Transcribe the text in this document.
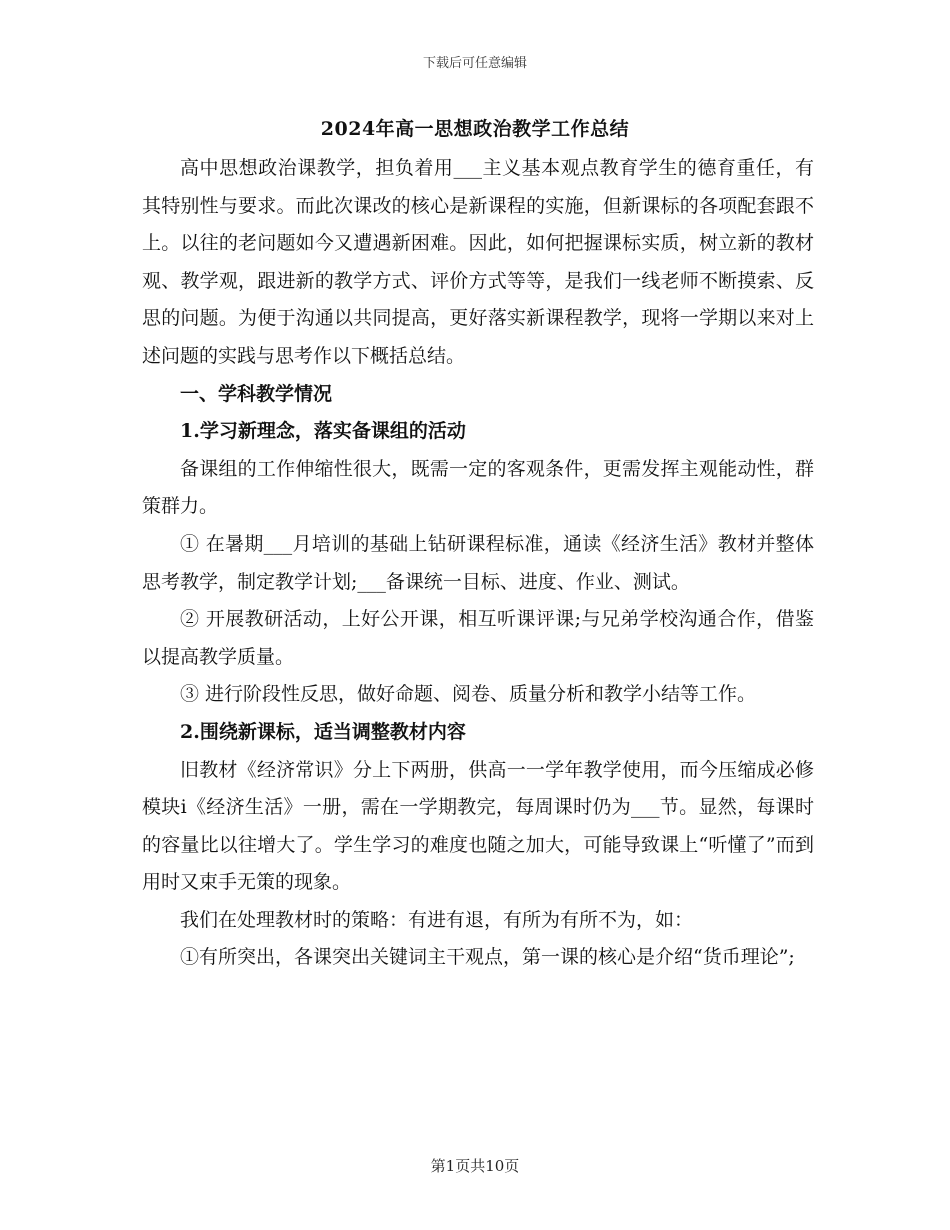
下载后可任意编辑
2024年高一思想政治教学工作总结

高中思想政治课教学，担负着用___主义基本观点教育学生的德育重任，有其特别性与要求。而此次课改的核心是新课程的实施，但新课标的各项配套跟不上。以往的老问题如今又遭遇新困难。因此，如何把握课标实质，树立新的教材观、教学观，跟进新的教学方式、评价方式等等，是我们一线老师不断摸索、反思的问题。为便于沟通以共同提高，更好落实新课程教学，现将一学期以来对上述问题的实践与思考作以下概括总结。

一、学科教学情况

1.学习新理念，落实备课组的活动

备课组的工作伸缩性很大，既需一定的客观条件，更需发挥主观能动性，群策群力。

① 在暑期___月培训的基础上钻研课程标准，通读《经济生活》教材并整体思考教学，制定教学计划;___备课统一目标、进度、作业、测试。

② 开展教研活动，上好公开课，相互听课评课;与兄弟学校沟通合作，借鉴以提高教学质量。

③ 进行阶段性反思，做好命题、阅卷、质量分析和教学小结等工作。

2.围绕新课标，适当调整教材内容

旧教材《经济常识》分上下两册，供高一一学年教学使用，而今压缩成必修模块ⅰ《经济生活》一册，需在一学期教完，每周课时仍为___节。显然，每课时的容量比以往增大了。学生学习的难度也随之加大，可能导致课上“听懂了”而到用时又束手无策的现象。

我们在处理教材时的策略：有进有退，有所为有所不为，如：

①有所突出，各课突出关键词主干观点，第一课的核心是介绍“货币理论”;

第1页共10页
